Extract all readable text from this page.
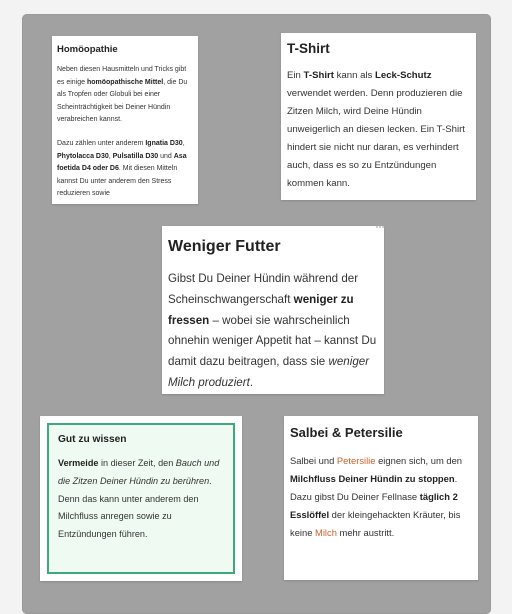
Homöopathie

Neben diesen Hausmitteln und Tricks gibt es einige homöopathische Mittel, die Du als Tropfen oder Globuli bei einer Scheinträchtigkeit bei Deiner Hündin verabreichen kannst.

Dazu zählen unter anderem Ignatia D30, Phytolacca D30, Pulsatilla D30 und Asa foetida D4 oder D6. Mit diesen Mitteln kannst Du unter anderem den Stress reduzieren sowie

T-Shirt

Ein T-Shirt kann als Leck-Schutz verwendet werden. Denn produzieren die Zitzen Milch, wird Deine Hündin unweigerlich an diesen lecken. Ein T-Shirt hindert sie nicht nur daran, es verhindert auch, dass es so zu Entzündungen kommen kann.

Weniger Futter

Gibst Du Deiner Hündin während der Scheinschwangerschaft weniger zu fressen – wobei sie wahrscheinlich ohnehin weniger Appetit hat – kannst Du damit dazu beitragen, dass sie weniger Milch produziert.

Gut zu wissen

Vermeide in dieser Zeit, den Bauch und die Zitzen Deiner Hündin zu berühren. Denn das kann unter anderem den Milchfluss anregen sowie zu Entzündungen führen.

Salbei & Petersilie

Salbei und Petersilie eignen sich, um den Milchfluss Deiner Hündin zu stoppen. Dazu gibst Du Deiner Fellnase täglich 2 Esslöffel der kleingehackten Kräuter, bis keine Milch mehr austritt.
